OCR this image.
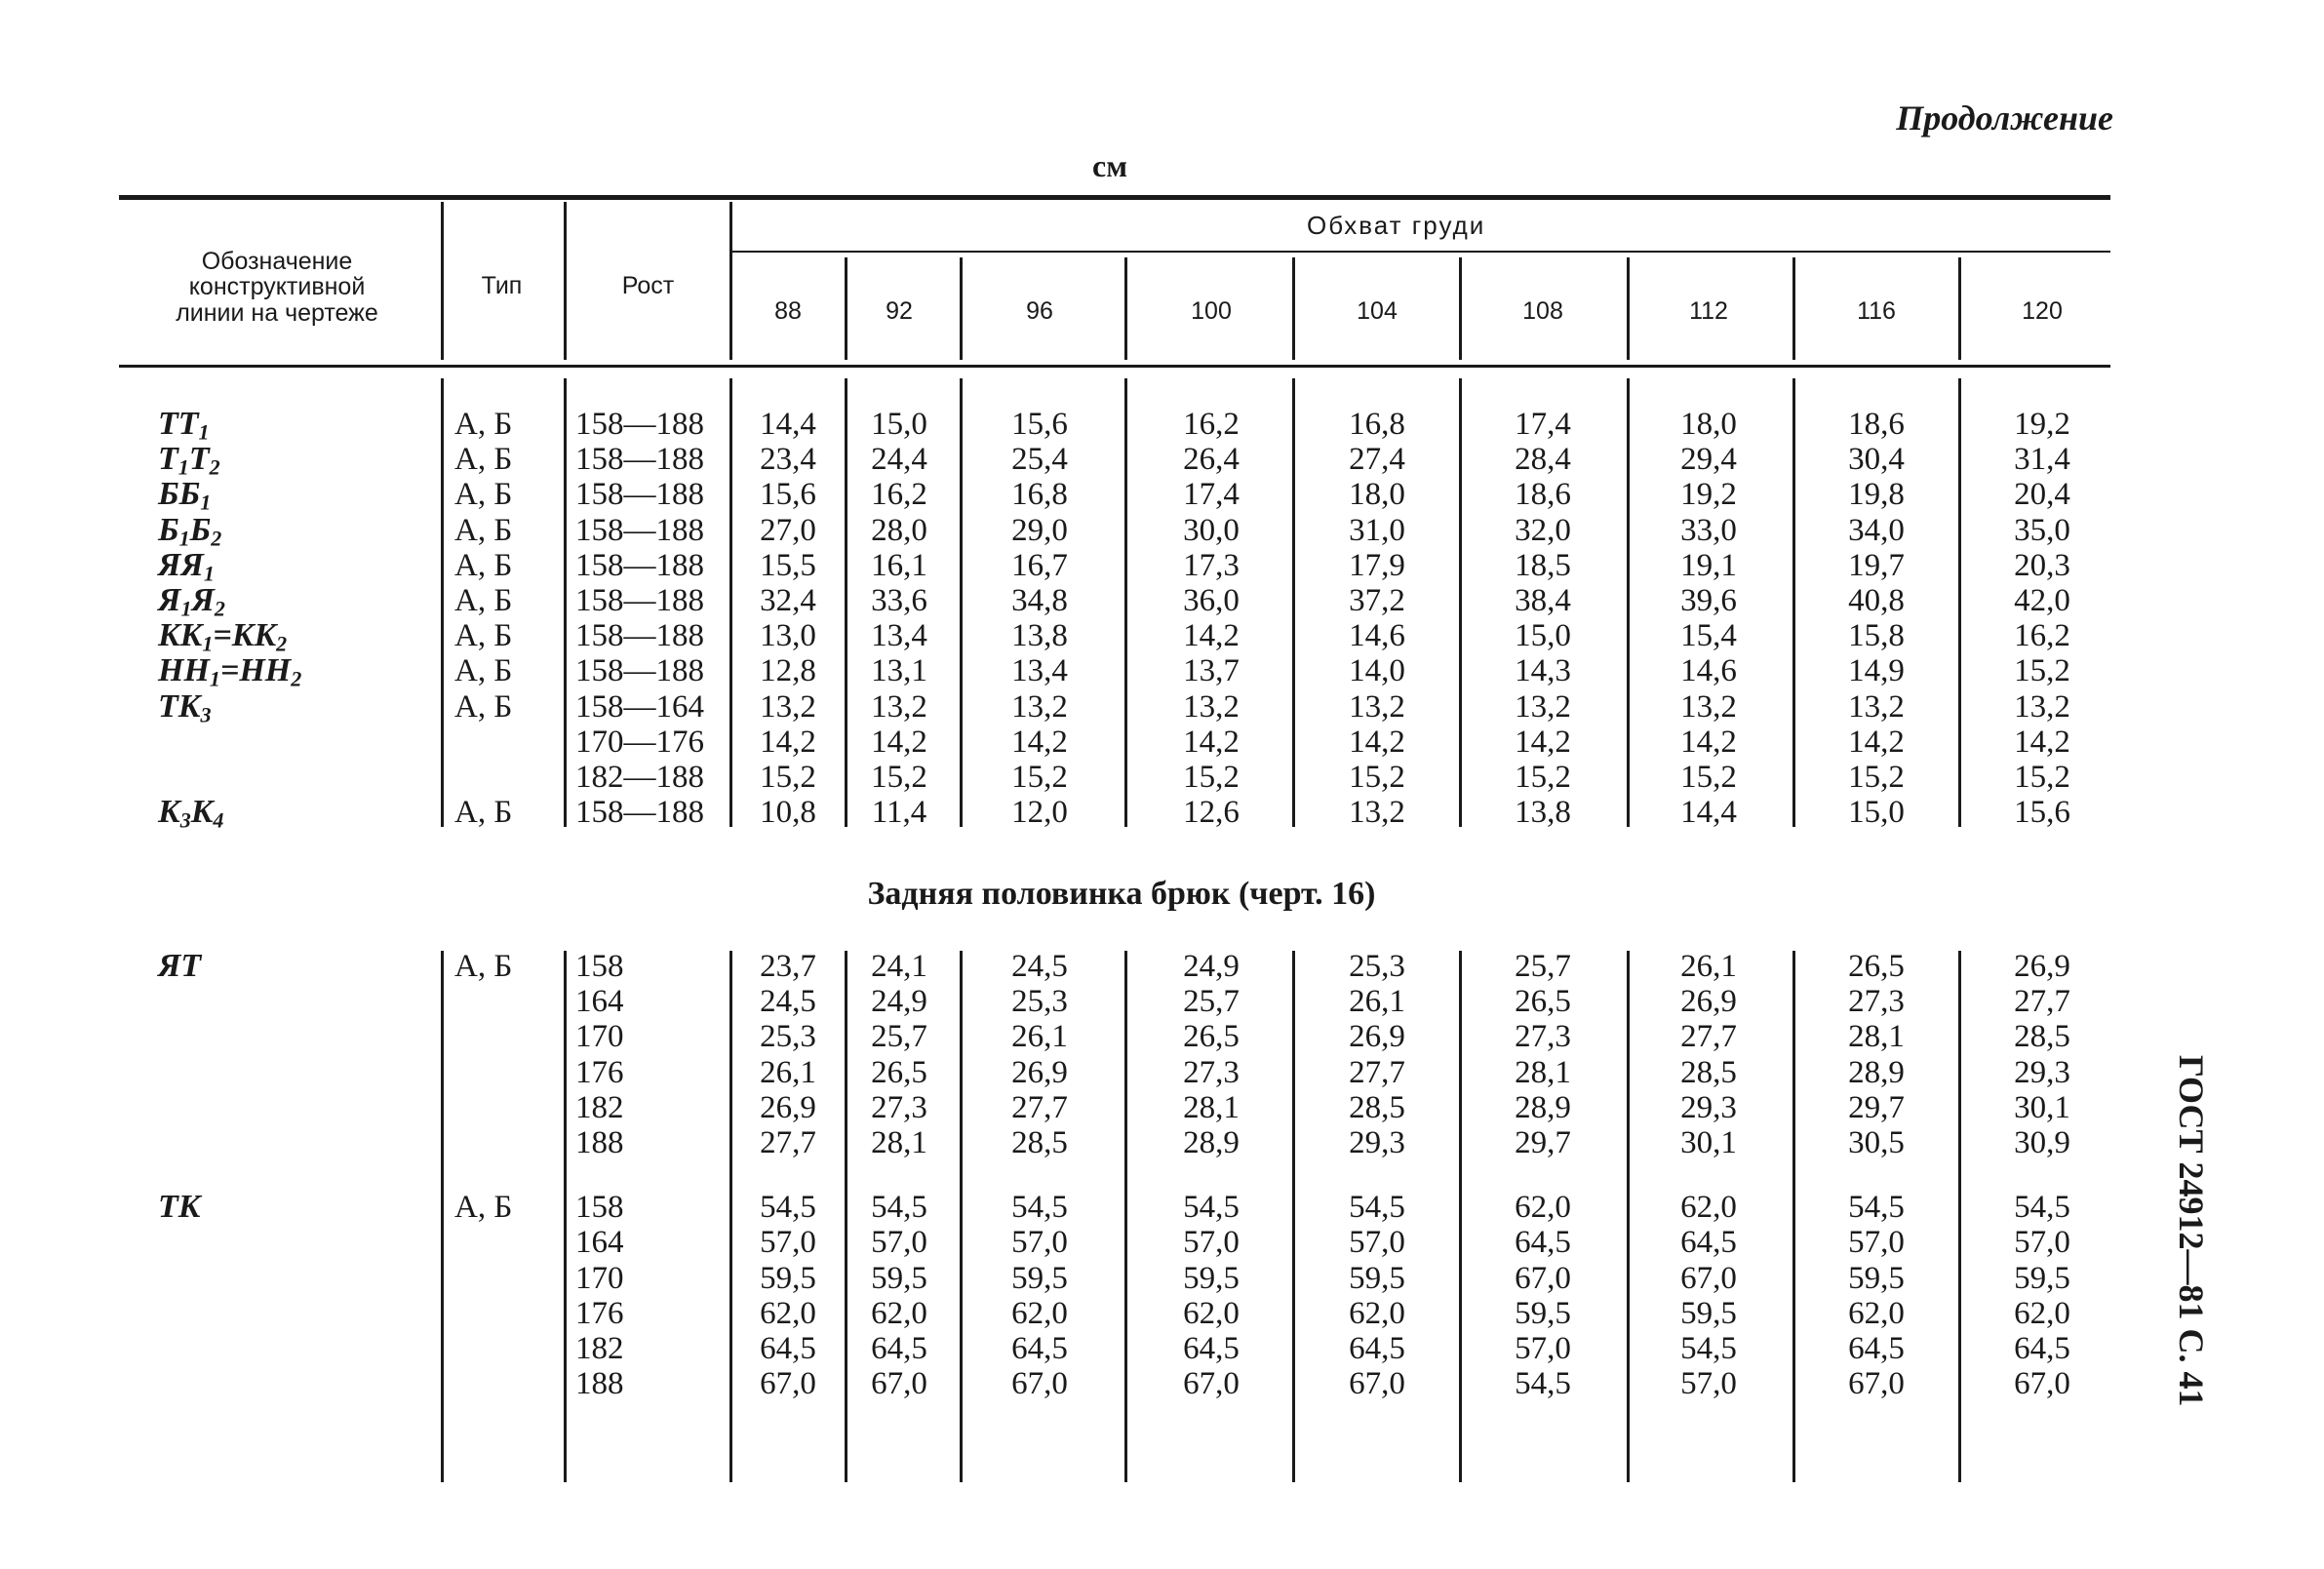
Продолжение
см
Обозначение
конструктивной
линии на чертеже
Тип	Рост
Обхват груди
88	92	96	100	104	108	112	116	120
$TT_1$	А, Б 158—188	14,4	15,0	15,6	16,2	16,8	17,4	18,0	18,6	19,2
$T_1T_2$	А, Б 158—188	23,4	24,4	25,4	26,4	27,4	28,4	29,4	30,4	31,4
$ББ_1$	А, Б 158—188	15,6	16,2	16,8	17,4	18,0	18,6	19,2	19,8	20,4
$Б_1Б_2$	А, Б 158—188	27,0	28,0	29,0	30,0	31,0	32,0	33,0	34,0	35,0
$ЯЯ_1$	А, Б 158—188	15,5	16,1	16,7	17,3	17,9	18,5	19,1	19,7	20,3
$Я_1Я_2$	А, Б 158—188	32,4	33,6	34,8	36,0	37,2	38,4	39,6	40,8	42,0
$KK_1=KK_2$	А, Б 158—188	13,0	13,4	13,8	14,2	14,6	15,0	15,4	15,8	16,2
$HH_1=HH_2$	А, Б 158—188	12,8	13,1	13,4	13,7	14,0	14,3	14,6	14,9	15,2
$TK_3$	А, Б 158—164	13,2	13,2	13,2	13,2	13,2	13,2	13,2	13,2	13,2
170—176	14,2	14,2	14,2	14,2	14,2	14,2	14,2	14,2	14,2
182—188	15,2	15,2	15,2	15,2	15,2	15,2	15,2	15,2	15,2
$K_3K_4$	А, Б 158—188	10,8	11,4	12,0	12,6	13,2	13,8	14,4	15,0	15,6
Задняя половинка брюк (черт. 16)
ЯT	А, Б 158	23,7	24,1	24,5	24,9	25,3	25,7	26,1	26,5	26,9
164	24,5	24,9	25,3	25,7	26,1	26,5	26,9	27,3	27,7
170	25,3	25,7	26,1	26,5	26,9	27,3	27,7	28,1	28,5
176	26,1	26,5	26,9	27,3	27,7	28,1	28,5	28,9	29,3
182	26,9	27,3	27,7	28,1	28,5	28,9	29,3	29,7	30,1
188	27,7	28,1	28,5	28,9	29,3	29,7	30,1	30,5	30,9
TK	А, Б 158	54,5	54,5	54,5	54,5	54,5	62,0	62,0	54,5	54,5
164	57,0	57,0	57,0	57,0	57,0	64,5	64,5	57,0	57,0
170	59,5	59,5	59,5	59,5	59,5	67,0	67,0	59,5	59,5
176	62,0	62,0	62,0	62,0	62,0	59,5	59,5	62,0	62,0
182	64,5	64,5	64,5	64,5	64,5	57,0	54,5	64,5	64,5
188	67,0	67,0	67,0	67,0	67,0	54,5	57,0	67,0	67,0	ГОСТ 24912—81 С. 41
